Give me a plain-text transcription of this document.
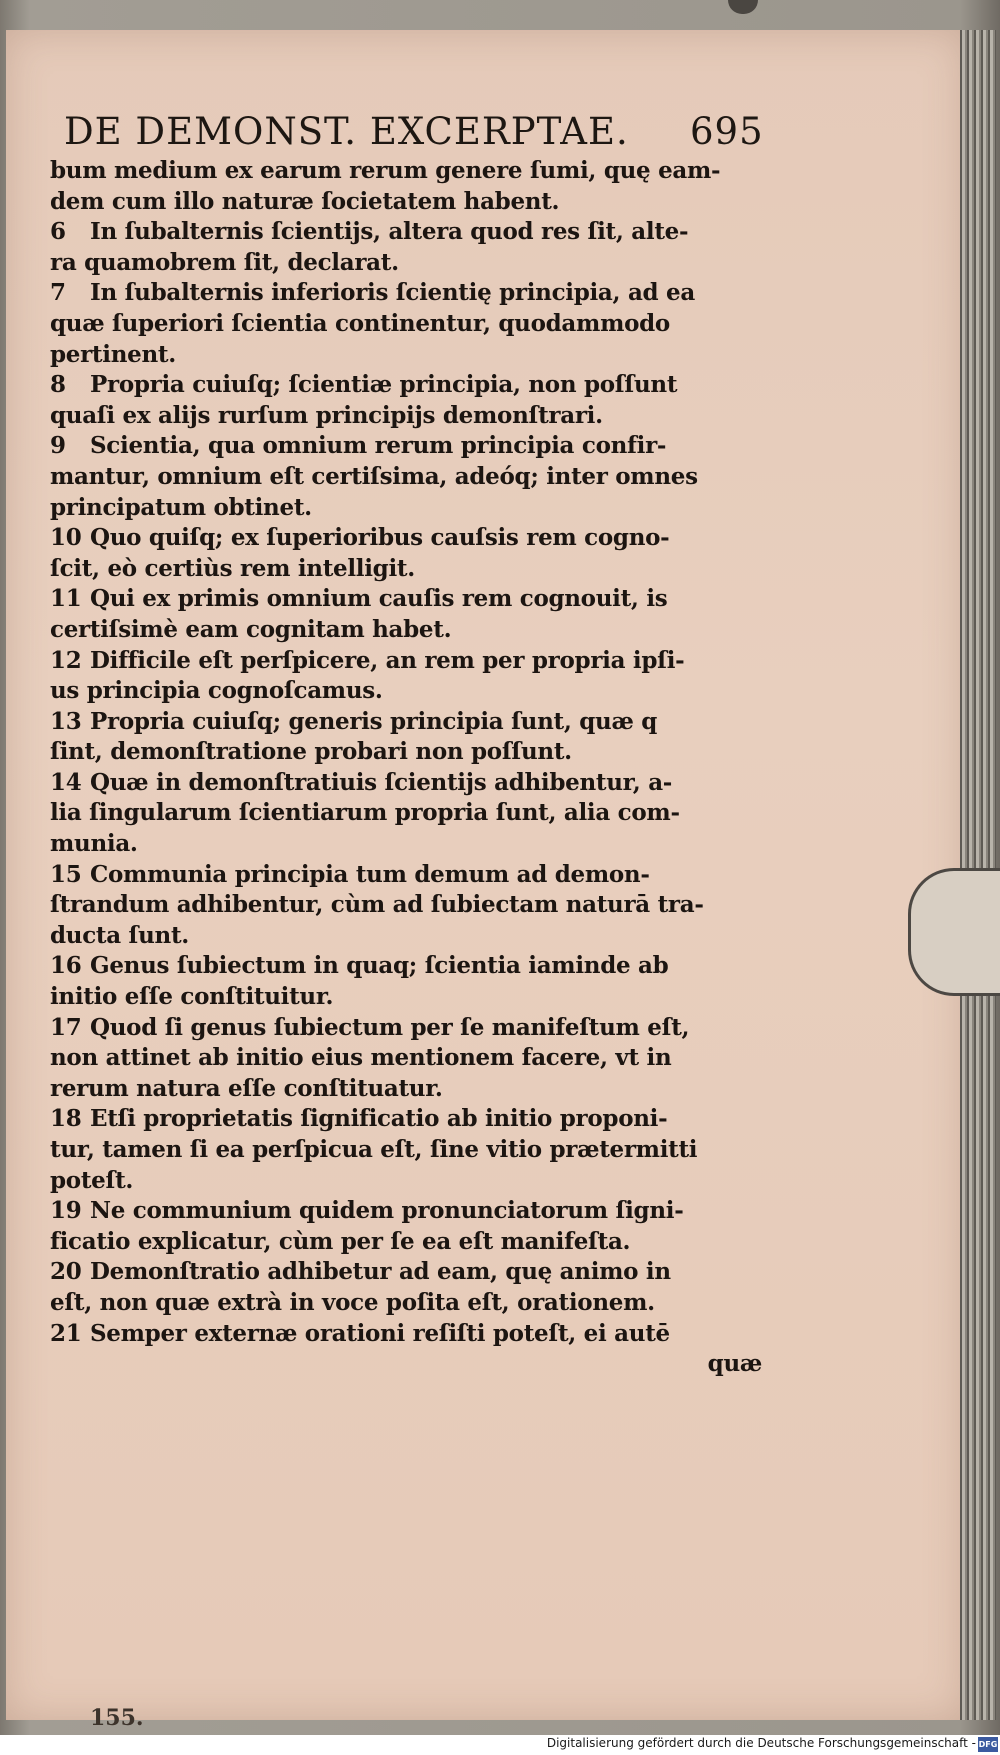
DE DEMONST. EXCERPTAE. 695
bum medium ex earum rerum genere ſumi, quę eam-
dem cum illo naturæ ſocietatem habent.
6 In ſubalternis ſcientijs, altera quod res ſit, alte-
ra quamobrem ſit, declarat.
7 In ſubalternis inferioris ſcientię principia, ad ea
quæ ſuperiori ſcientia continentur, quodammodo
pertinent.
8 Propria cuiuſq; ſcientiæ principia, non poſſunt
quaſi ex alijs rurſum principijs demonſtrari.
9 Scientia, qua omnium rerum principia confir-
mantur, omnium eſt certiſsima, adeóq; inter omnes
principatum obtinet.
10 Quo quiſq; ex ſuperioribus cauſsis rem cogno-
ſcit, eò certiùs rem intelligit.
11 Qui ex primis omnium cauſis rem cognouit, is
certiſsimè eam cognitam habet.
12 Difficile eſt perſpicere, an rem per propria ipſi-
us principia cognoſcamus.
13 Propria cuiuſq; generis principia ſunt, quæ q
ſint, demonſtratione probari non poſſunt.
14 Quæ in demonſtratiuis ſcientijs adhibentur, a-
lia ſingularum ſcientiarum propria ſunt, alia com-
munia.
15 Communia principia tum demum ad demon-
ſtrandum adhibentur, cùm ad ſubiectam naturā tra-
ducta ſunt.
16 Genus ſubiectum in quaq; ſcientia iaminde ab
initio eſſe conſtituitur.
17 Quod ſi genus ſubiectum per ſe manifeſtum eſt,
non attinet ab initio eius mentionem facere, vt in
rerum natura eſſe conſtituatur.
18 Etſi proprietatis ſignificatio ab initio proponi-
tur, tamen ſi ea perſpicua eſt, ſine vitio prætermitti
poteſt.
19 Ne communium quidem pronunciatorum ſigni-
ficatio explicatur, cùm per ſe ea eſt manifeſta.
20 Demonſtratio adhibetur ad eam, quę animo in
eſt, non quæ extrà in voce poſita eſt, orationem.
21 Semper externæ orationi reſiſti poteſt, ei autē
quæ
155.
Digitalisierung gefördert durch die Deutsche Forschungsgemeinschaft - DFG
